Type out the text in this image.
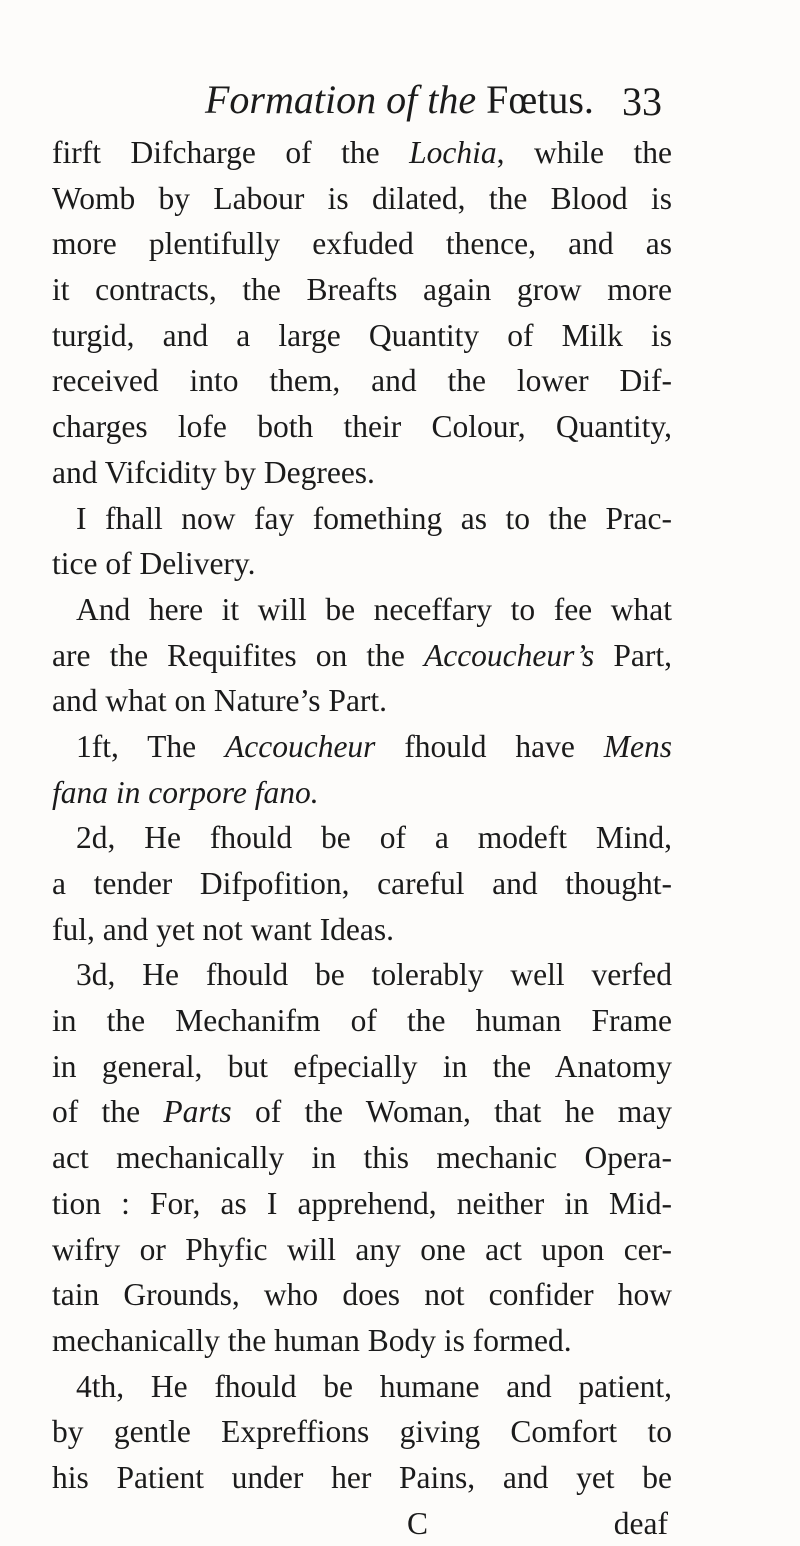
Formation of the Fœtus. 33
firft Difcharge of the Lochia, while the
Womb by Labour is dilated, the Blood is
more plentifully exfuded thence, and as
it contracts, the Breafts again grow more
turgid, and a large Quantity of Milk is
received into them, and the lower Dif-
charges lofe both their Colour, Quantity,
and Vifcidity by Degrees.
I fhall now fay fomething as to the Prac-
tice of Delivery.
And here it will be neceffary to fee what
are the Requifites on the Accoucheur’s Part,
and what on Nature’s Part.
1ft, The Accoucheur fhould have Mens
fana in corpore fano.
2d, He fhould be of a modeft Mind,
a tender Difpofition, careful and thought-
ful, and yet not want Ideas.
3d, He fhould be tolerably well verfed
in the Mechanifm of the human Frame
in general, but efpecially in the Anatomy
of the Parts of the Woman, that he may
act mechanically in this mechanic Opera-
tion : For, as I apprehend, neither in Mid-
wifry or Phyfic will any one act upon cer-
tain Grounds, who does not confider how
mechanically the human Body is formed.
4th, He fhould be humane and patient,
by gentle Expreffions giving Comfort to
his Patient under her Pains, and yet be
C	deaf
